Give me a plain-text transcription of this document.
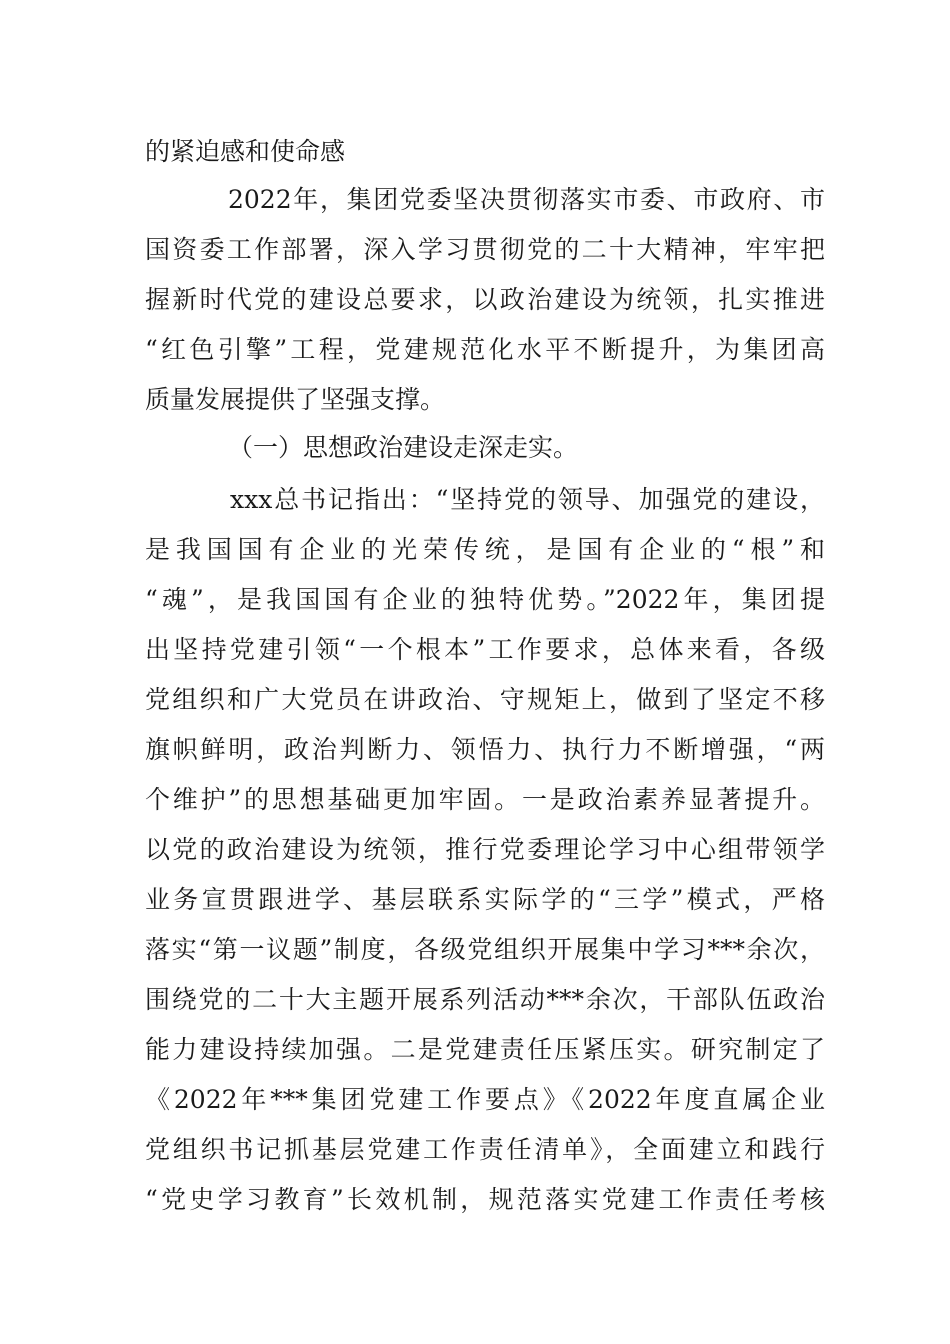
的紧迫感和使命感
2022年，集团党委坚决贯彻落实市委、市政府、市
国资委工作部署，深入学习贯彻党的二十大精神，牢牢把
握新时代党的建设总要求，以政治建设为统领，扎实推进
“红色引擎”工程，党建规范化水平不断提升，为集团高
质量发展提供了坚强支撑。
（一）思想政治建设走深走实。
xxx总书记指出：“坚持党的领导、加强党的建设，
是我国国有企业的光荣传统，是国有企业的“根”和
“魂”，是我国国有企业的独特优势。”2022年，集团提
出坚持党建引领“一个根本”工作要求，总体来看，各级
党组织和广大党员在讲政治、守规矩上，做到了坚定不移
旗帜鲜明，政治判断力、领悟力、执行力不断增强，“两
个维护”的思想基础更加牢固。一是政治素养显著提升。
以党的政治建设为统领，推行党委理论学习中心组带领学
业务宣贯跟进学、基层联系实际学的“三学”模式，严格
落实“第一议题”制度，各级党组织开展集中学习***余次，
围绕党的二十大主题开展系列活动***余次，干部队伍政治
能力建设持续加强。二是党建责任压紧压实。研究制定了
《2022年***集团党建工作要点》《2022年度直属企业
党组织书记抓基层党建工作责任清单》，全面建立和践行
“党史学习教育”长效机制，规范落实党建工作责任考核
